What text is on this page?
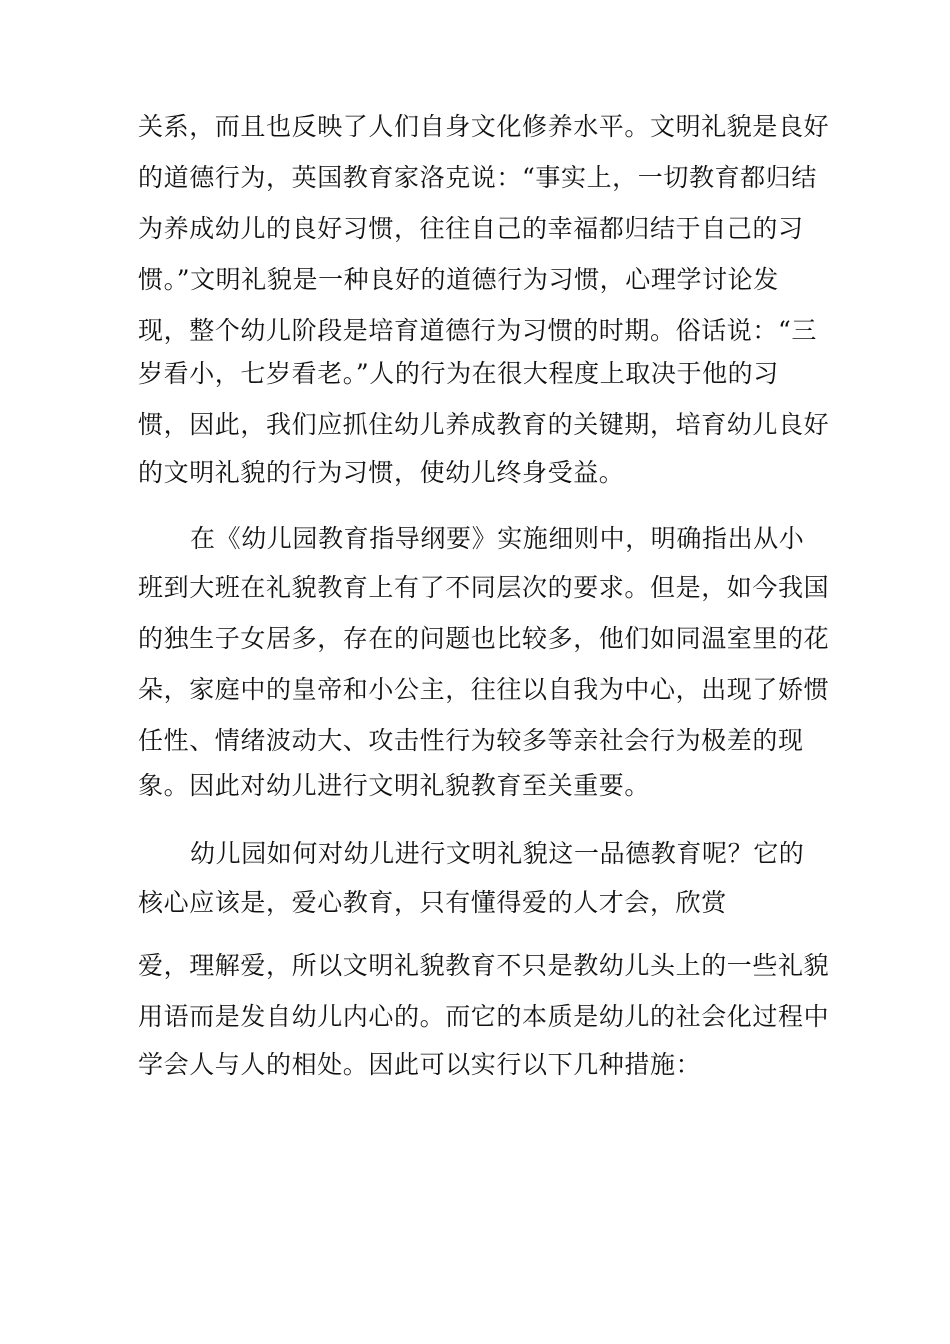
关系，而且也反映了人们自身文化修养水平。文明礼貌是良好
的道德行为，英国教育家洛克说：“事实上，一切教育都归结
为养成幼儿的良好习惯，往往自己的幸福都归结于自己的习
惯。”文明礼貌是一种良好的道德行为习惯，心理学讨论发
现，整个幼儿阶段是培育道德行为习惯的时期。俗话说：“三
岁看小，七岁看老。”人的行为在很大程度上取决于他的习
惯，因此，我们应抓住幼儿养成教育的关键期，培育幼儿良好
的文明礼貌的行为习惯，使幼儿终身受益。
在《幼儿园教育指导纲要》实施细则中，明确指出从小
班到大班在礼貌教育上有了不同层次的要求。但是，如今我国
的独生子女居多，存在的问题也比较多，他们如同温室里的花
朵，家庭中的皇帝和小公主，往往以自我为中心，出现了娇惯
任性、情绪波动大、攻击性行为较多等亲社会行为极差的现
象。因此对幼儿进行文明礼貌教育至关重要。
幼儿园如何对幼儿进行文明礼貌这一品德教育呢？它的
核心应该是，爱心教育，只有懂得爱的人才会，欣赏
爱，理解爱，所以文明礼貌教育不只是教幼儿头上的一些礼貌
用语而是发自幼儿内心的。而它的本质是幼儿的社会化过程中
学会人与人的相处。因此可以实行以下几种措施：
